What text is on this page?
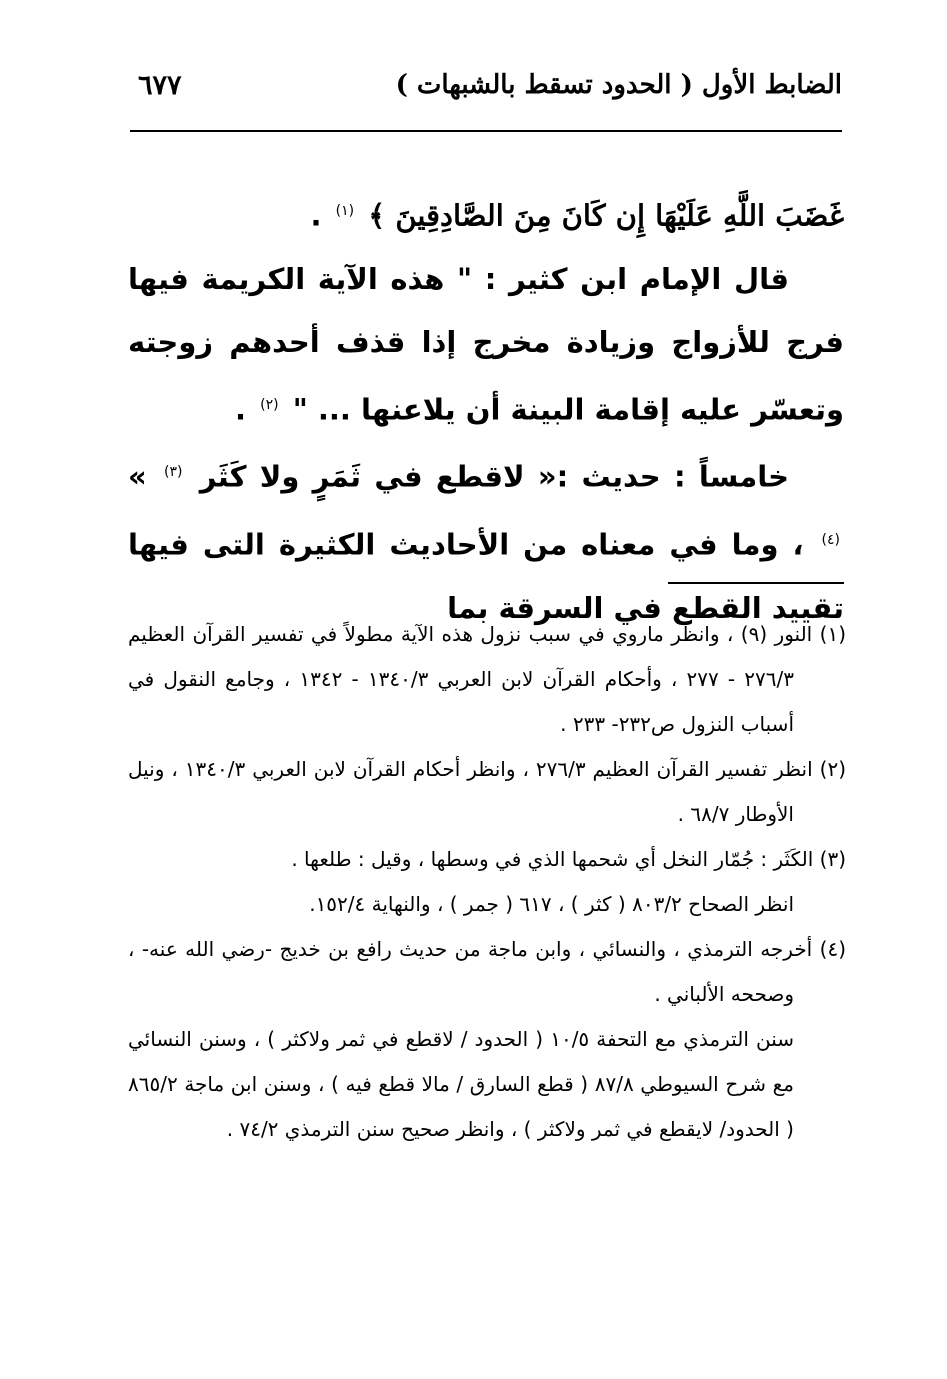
الضابط الأول ( الحدود تسقط بالشبهات )
٦٧٧

غَضَبَ اللَّهِ عَلَيْهَا إِن كَانَ مِنَ الصَّادِقِينَ ﴾ $^{(١)}$ .

قال الإمام ابن كثير : " هذه الآية الكريمة فيها فرج للأزواج وزيادة مخرج إذا قذف أحدهم زوجته وتعسّر عليه إقامة البينة أن يلاعنها ... " $^{(٢)}$ .

خامساً : حديث :« لاقطع في ثَمَرٍ ولا كَثَر $^{(٣)}$ » $^{(٤)}$ ، وما في معناه من الأحاديث الكثيرة التى فيها تقييد القطع في السرقة بما

(١) النور (٩) ، وانظر ماروي في سبب نزول هذه الآية مطولاً في تفسير القرآن العظيم ٢٧٦/٣ - ٢٧٧ ، وأحكام القرآن لابن العربي ١٣٤٠/٣ - ١٣٤٢ ، وجامع النقول في أسباب النزول ص٢٣٢- ٢٣٣ .

(٢) انظر تفسير القرآن العظيم ٢٧٦/٣ ، وانظر أحكام القرآن لابن العربي ١٣٤٠/٣ ، ونيل الأوطار ٦٨/٧ .

(٣) الكَثَر : جُمّار النخل أي شحمها الذي في وسطها ، وقيل : طلعها .

انظر الصحاح ٨٠٣/٢ ( كثر ) ، ٦١٧ ( جمر ) ، والنهاية ١٥٢/٤.

(٤) أخرجه الترمذي ، والنسائي ، وابن ماجة من حديث رافع بن خديج -رضي الله عنه- ، وصححه الألباني .

سنن الترمذي مع التحفة ١٠/٥ ( الحدود / لاقطع في ثمر ولاكثر ) ، وسنن النسائي مع شرح السيوطي ٨٧/٨ ( قطع السارق / مالا قطع فيه ) ، وسنن ابن ماجة ٨٦٥/٢ ( الحدود/ لايقطع في ثمر ولاكثر ) ، وانظر صحيح سنن الترمذي ٧٤/٢ .
